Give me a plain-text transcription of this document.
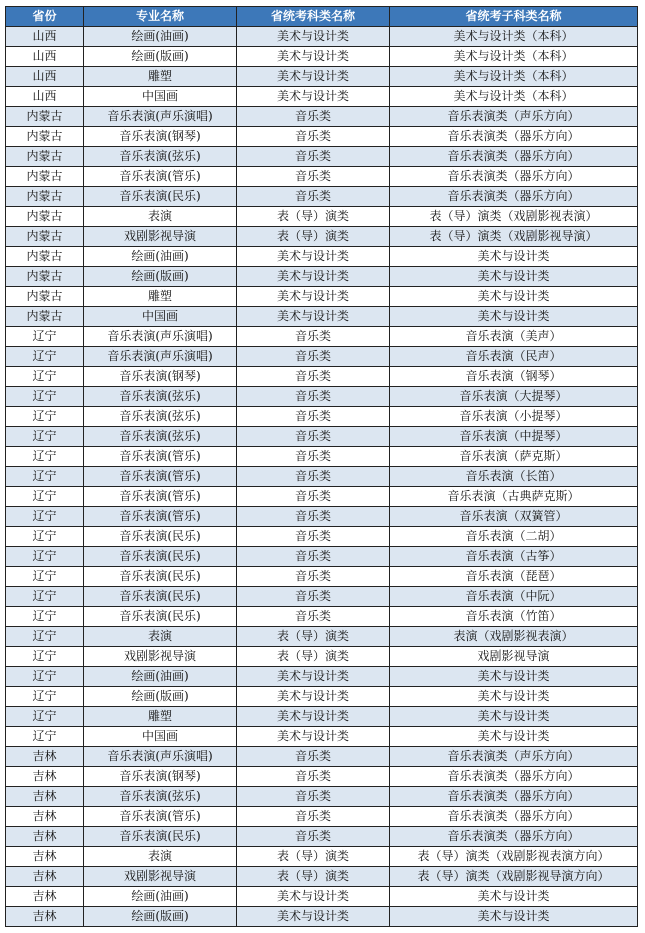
省份	专业名称	省统考科类名称	省统考子科类名称
山西	绘画(油画)	美术与设计类	美术与设计类（本科）
山西	绘画(版画)	美术与设计类	美术与设计类（本科）
山西	雕塑	美术与设计类	美术与设计类（本科）
山西	中国画	美术与设计类	美术与设计类（本科）
内蒙古	音乐表演(声乐演唱)	音乐类	音乐表演类（声乐方向）
内蒙古	音乐表演(钢琴)	音乐类	音乐表演类（器乐方向）
内蒙古	音乐表演(弦乐)	音乐类	音乐表演类（器乐方向）
内蒙古	音乐表演(管乐)	音乐类	音乐表演类（器乐方向）
内蒙古	音乐表演(民乐)	音乐类	音乐表演类（器乐方向）
内蒙古	表演	表（导）演类	表（导）演类（戏剧影视表演）
内蒙古	戏剧影视导演	表（导）演类	表（导）演类（戏剧影视导演）
内蒙古	绘画(油画)	美术与设计类	美术与设计类
内蒙古	绘画(版画)	美术与设计类	美术与设计类
内蒙古	雕塑	美术与设计类	美术与设计类
内蒙古	中国画	美术与设计类	美术与设计类
辽宁	音乐表演(声乐演唱)	音乐类	音乐表演（美声）
辽宁	音乐表演(声乐演唱)	音乐类	音乐表演（民声）
辽宁	音乐表演(钢琴)	音乐类	音乐表演（钢琴）
辽宁	音乐表演(弦乐)	音乐类	音乐表演（大提琴）
辽宁	音乐表演(弦乐)	音乐类	音乐表演（小提琴）
辽宁	音乐表演(弦乐)	音乐类	音乐表演（中提琴）
辽宁	音乐表演(管乐)	音乐类	音乐表演（萨克斯）
辽宁	音乐表演(管乐)	音乐类	音乐表演（长笛）
辽宁	音乐表演(管乐)	音乐类	音乐表演（古典萨克斯）
辽宁	音乐表演(管乐)	音乐类	音乐表演（双簧管）
辽宁	音乐表演(民乐)	音乐类	音乐表演（二胡）
辽宁	音乐表演(民乐)	音乐类	音乐表演（古筝）
辽宁	音乐表演(民乐)	音乐类	音乐表演（琵琶）
辽宁	音乐表演(民乐)	音乐类	音乐表演（中阮）
辽宁	音乐表演(民乐)	音乐类	音乐表演（竹笛）
辽宁	表演	表（导）演类	表演（戏剧影视表演）
辽宁	戏剧影视导演	表（导）演类	戏剧影视导演
辽宁	绘画(油画)	美术与设计类	美术与设计类
辽宁	绘画(版画)	美术与设计类	美术与设计类
辽宁	雕塑	美术与设计类	美术与设计类
辽宁	中国画	美术与设计类	美术与设计类
吉林	音乐表演(声乐演唱)	音乐类	音乐表演类（声乐方向）
吉林	音乐表演(钢琴)	音乐类	音乐表演类（器乐方向）
吉林	音乐表演(弦乐)	音乐类	音乐表演类（器乐方向）
吉林	音乐表演(管乐)	音乐类	音乐表演类（器乐方向）
吉林	音乐表演(民乐)	音乐类	音乐表演类（器乐方向）
吉林	表演	表（导）演类	表（导）演类（戏剧影视表演方向）
吉林	戏剧影视导演	表（导）演类	表（导）演类（戏剧影视导演方向）
吉林	绘画(油画)	美术与设计类	美术与设计类
吉林	绘画(版画)	美术与设计类	美术与设计类
